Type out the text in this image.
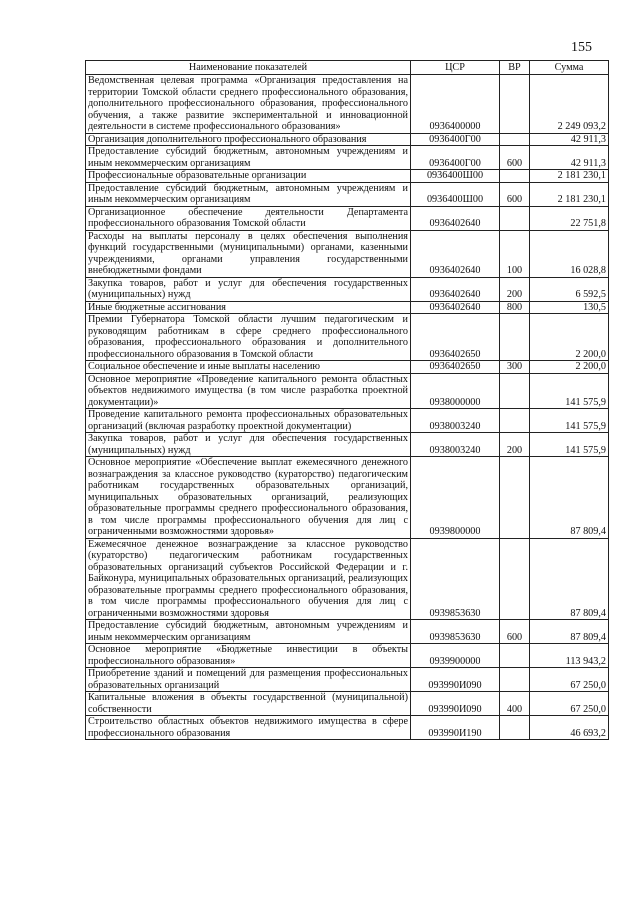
155
Наименование показателей	ЦСР	ВР	Сумма
Ведомственная целевая программа «Организация предоставления на территории Томской области среднего профессионального образования, дополнительного профессионального образования, профессионального обучения, а также развитие экспериментальной и инновационной деятельности в системе профессионального образования»	0936400000		2 249 093,2
Организация дополнительного профессионального образования	0936400Г00		42 911,3
Предоставление субсидий бюджетным, автономным учреждениям и иным некоммерческим организациям	0936400Г00	600	42 911,3
Профессиональные образовательные организации	0936400Ш00		2 181 230,1
Предоставление субсидий бюджетным, автономным учреждениям и иным некоммерческим организациям	0936400Ш00	600	2 181 230,1
Организационное обеспечение деятельности Департамента профессионального образования Томской области	0936402640		22 751,8
Расходы на выплаты персоналу в целях обеспечения выполнения функций государственными (муниципальными) органами, казенными учреждениями, органами управления государственными внебюджетными фондами	0936402640	100	16 028,8
Закупка товаров, работ и услуг для обеспечения государственных (муниципальных) нужд	0936402640	200	6 592,5
Иные бюджетные ассигнования	0936402640	800	130,5
Премии Губернатора Томской области лучшим педагогическим и руководящим работникам в сфере среднего профессионального образования, профессионального образования и дополнительного профессионального образования в Томской области	0936402650		2 200,0
Социальное обеспечение и иные выплаты населению	0936402650	300	2 200,0
Основное мероприятие «Проведение капитального ремонта областных объектов недвижимого имущества (в том числе разработка проектной документации)»	0938000000		141 575,9
Проведение капитального ремонта профессиональных образовательных организаций (включая разработку проектной документации)	0938003240		141 575,9
Закупка товаров, работ и услуг для обеспечения государственных (муниципальных) нужд	0938003240	200	141 575,9
Основное мероприятие «Обеспечение выплат ежемесячного денежного вознаграждения за классное руководство (кураторство) педагогическим работникам государственных образовательных организаций, муниципальных образовательных организаций, реализующих образовательные программы среднего профессионального образования, в том числе программы профессионального обучения для лиц с ограниченными возможностями здоровья»	0939800000		87 809,4
Ежемесячное денежное вознаграждение за классное руководство (кураторство) педагогическим работникам государственных образовательных организаций субъектов Российской Федерации и г. Байконура, муниципальных образовательных организаций, реализующих образовательные программы среднего профессионального образования, в том числе программы профессионального обучения для лиц с ограниченными возможностями здоровья	0939853630		87 809,4
Предоставление субсидий бюджетным, автономным учреждениям и иным некоммерческим организациям	0939853630	600	87 809,4
Основное мероприятие «Бюджетные инвестиции в объекты профессионального образования»	0939900000		113 943,2
Приобретение зданий и помещений для размещения профессиональных образовательных организаций	093990И090		67 250,0
Капитальные вложения в объекты государственной (муниципальной) собственности	093990И090	400	67 250,0
Строительство областных объектов недвижимого имущества в сфере профессионального образования	093990И190		46 693,2
